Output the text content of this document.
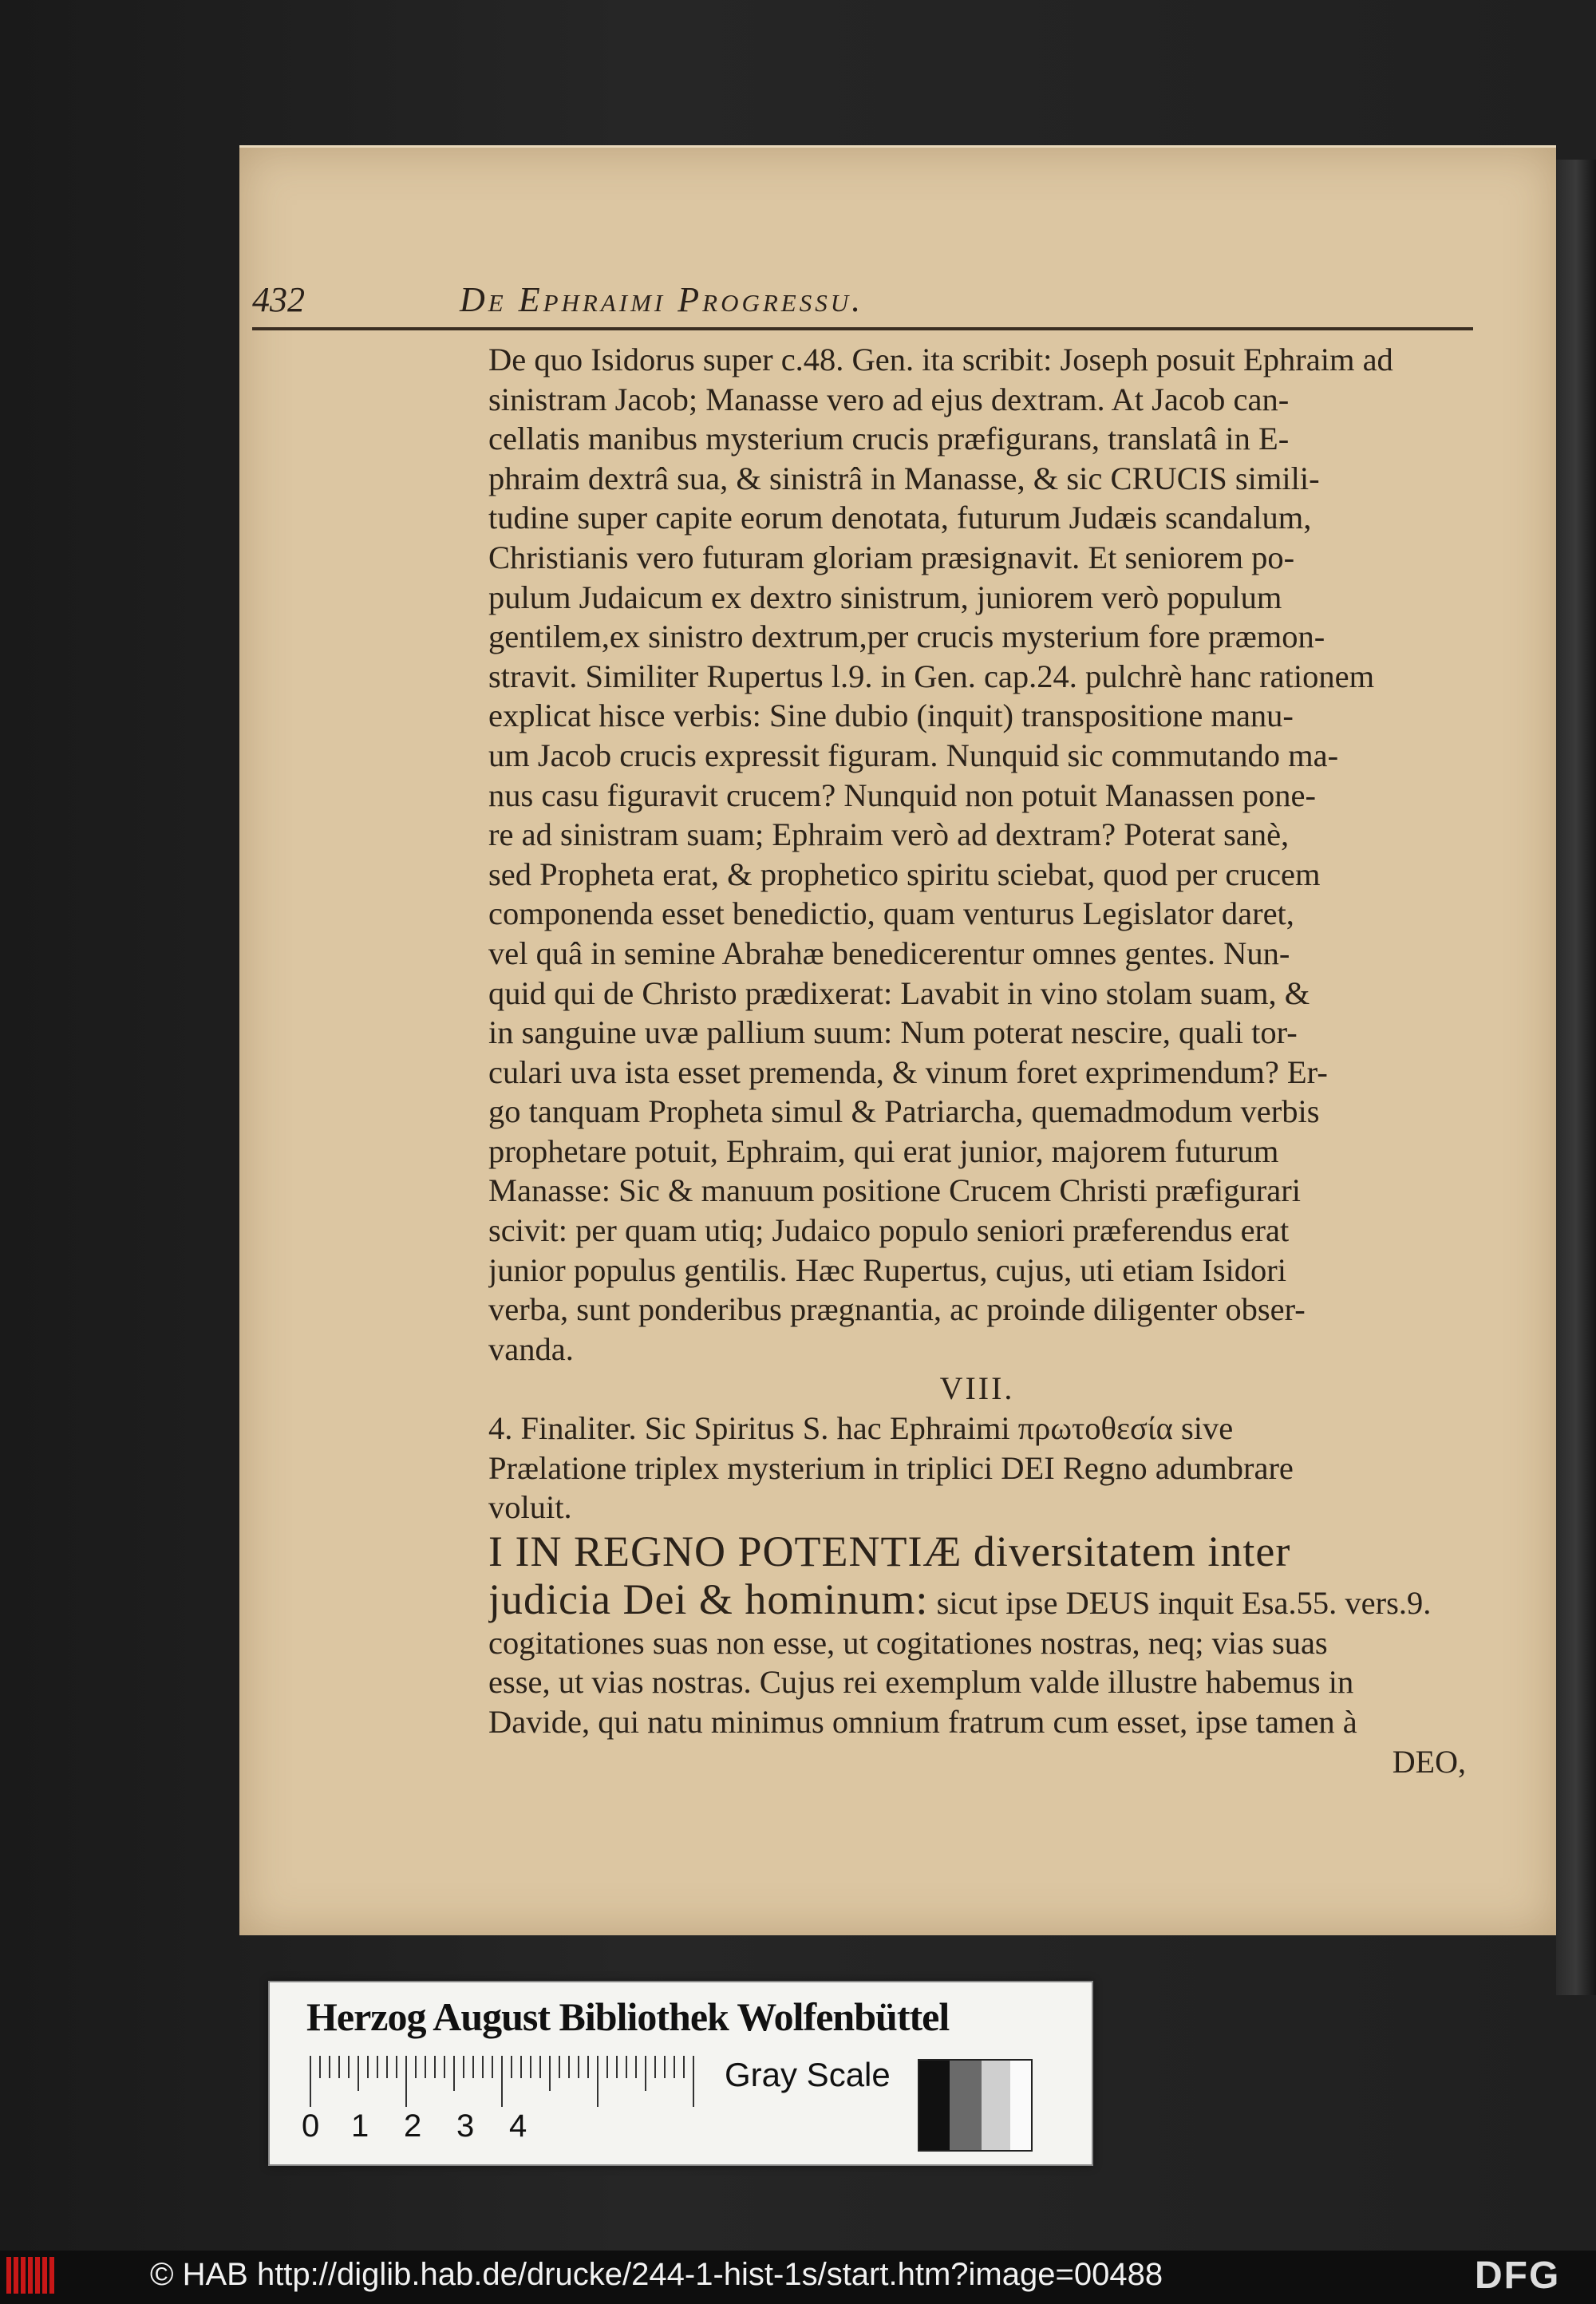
432	De Ephraimi Progressu.
De quo Isidorus super c.48. Gen. ita scribit: Joseph posuit Ephraim ad
sinistram Jacob; Manasse vero ad ejus dextram. At Jacob can-
cellatis manibus mysterium crucis præfigurans, translatâ in E-
phraim dextrâ sua, & sinistrâ in Manasse, & sic CRUCIS simili-
tudine super capite eorum denotata, futurum Judæis scandalum,
Christianis vero futuram gloriam præsignavit. Et seniorem po-
pulum Judaicum ex dextro sinistrum, juniorem verò populum
gentilem,ex sinistro dextrum,per crucis mysterium fore præmon-
stravit. Similiter Rupertus l.9. in Gen. cap.24. pulchrè hanc rationem
explicat hisce verbis: Sine dubio (inquit) transpositione manu-
um Jacob crucis expressit figuram. Nunquid sic commutando ma-
nus casu figuravit crucem? Nunquid non potuit Manassen pone-
re ad sinistram suam; Ephraim verò ad dextram? Poterat sanè,
sed Propheta erat, & prophetico spiritu sciebat, quod per crucem
componenda esset benedictio, quam venturus Legislator daret,
vel quâ in semine Abrahæ benedicerentur omnes gentes. Nun-
quid qui de Christo prædixerat: Lavabit in vino stolam suam, &
in sanguine uvæ pallium suum: Num poterat nescire, quali tor-
culari uva ista esset premenda, & vinum foret exprimendum? Er-
go tanquam Propheta simul & Patriarcha, quemadmodum verbis
prophetare potuit, Ephraim, qui erat junior, majorem futurum
Manasse: Sic & manuum positione Crucem Christi præfigurari
scivit: per quam utiq; Judaico populo seniori præferendus erat
junior populus gentilis. Hæc Rupertus, cujus, uti etiam Isidori
verba, sunt ponderibus prægnantia, ac proinde diligenter obser-
vanda.
VIII.
4. Finaliter. Sic Spiritus S. hac Ephraimi πρωτοθεσία sive
Prælatione triplex mysterium in triplici DEI Regno adumbrare
voluit.
I IN REGNO POTENTIÆ diversitatem inter
judicia Dei & hominum: sicut ipse DEUS inquit Esa.55. vers.9.
cogitationes suas non esse, ut cogitationes nostras, neq; vias suas
esse, ut vias nostras. Cujus rei exemplum valde illustre habemus in
Davide, qui natu minimus omnium fratrum cum esset, ipse tamen à
DEO,
Herzog August Bibliothek Wolfenbüttel
0 1 2 3 4
Gray Scale
© HAB http://diglib.hab.de/drucke/244-1-hist-1s/start.htm?image=00488	DFG
